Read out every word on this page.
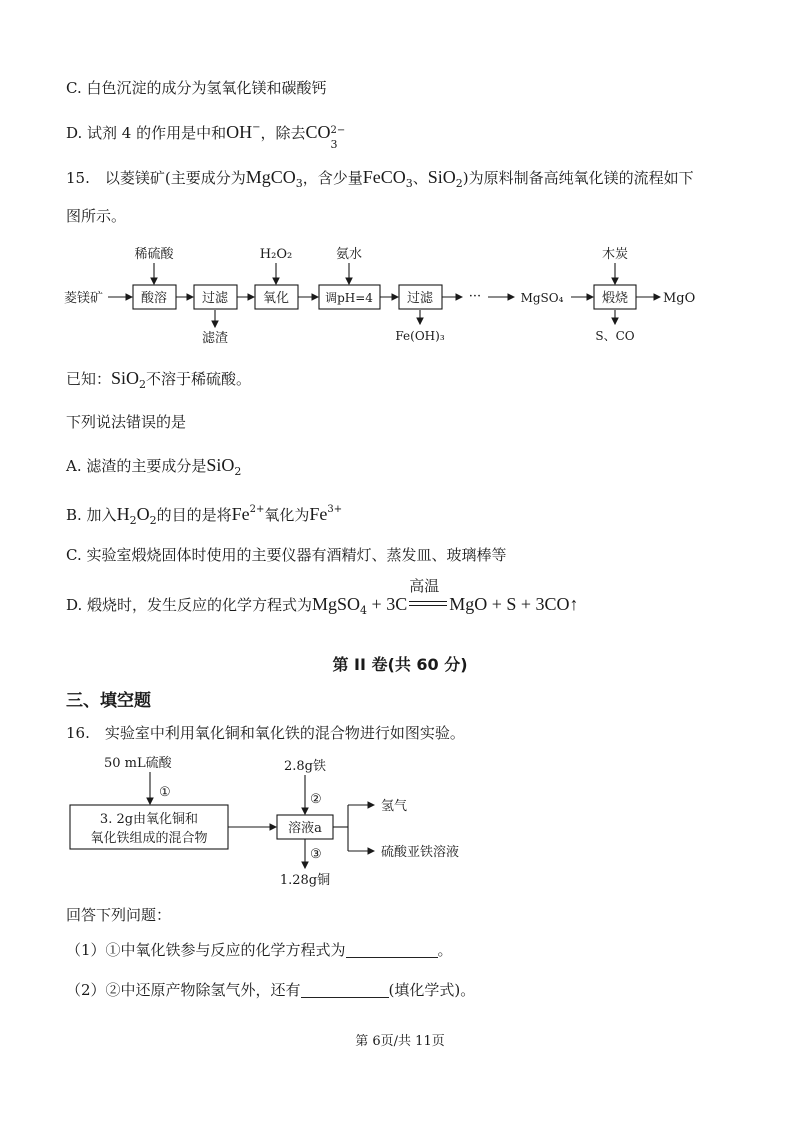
C. 白色沉淀的成分为氢氧化镁和碳酸钙
D. 试剂 4 的作用是中和OH−，除去CO 2−
3
15.　以菱镁矿(主要成分为MgCO$_3$，含少量FeCO$_3$、SiO$_2$)为原料制备高纯氧化镁的流程如下
图所示。
菱镁矿
稀硫酸
酸溶	过滤
滤渣
H₂O₂
氧化
氨水
调pH=4	过滤
Fe(OH)₃
···	MgSO₄
木炭
煅烧	MgO
S、CO
已知：SiO$_2$不溶于稀硫酸。
下列说法错误的是
A. 滤渣的主要成分是SiO$_2$
B. 加入$H_2O_2$的目的是将$Fe^{2+}$氧化为$Fe^{3+}$
C. 实验室煅烧固体时使用的主要仪器有酒精灯、蒸发皿、玻璃棒等
D. 煅烧时，发生反应的化学方程式为MgSO$_4$ + 3C
高温
MgO + S + 3CO↑
第 II 卷(共 60 分)
三、填空题
16.　实验室中利用氧化铜和氧化铁的混合物进行如图实验。
50 mL硫酸
①
3. 2g由氧化铜和
氧化铁组成的混合物
2.8g铁
②
溶液a
氢气
硫酸亚铁溶液
③
1.28g铜
回答下列问题：
（1）①中氧化铁参与反应的化学方程式为	。
（2）②中还原产物除氢气外，还有	(填化学式)。
第 6页/共 11页
